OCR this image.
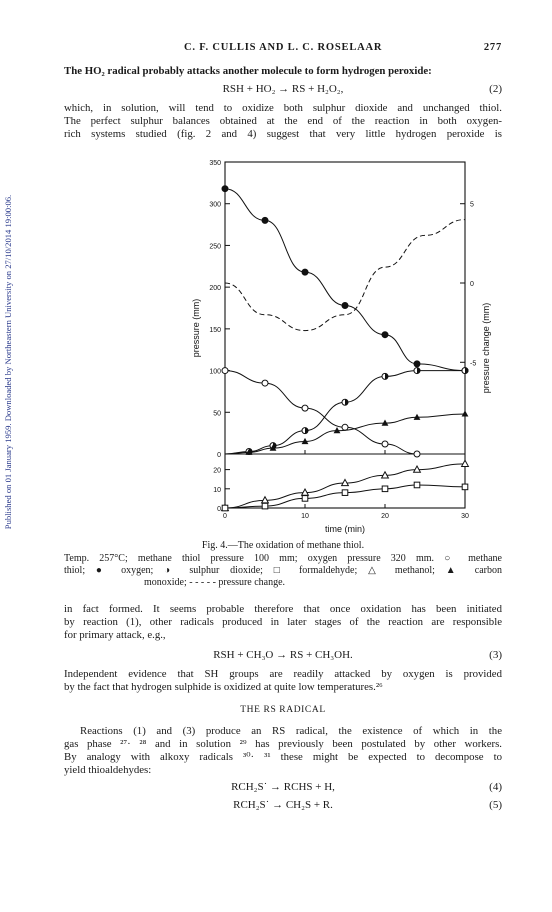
Published on 01 January 1959. Downloaded by Northeastern University on 27/10/2014 19:00:06.
C. F. CULLIS AND L. C. ROSELAAR	277
The HO₂ radical probably attacks another molecule to form hydrogen peroxide:
RSH + HO₂ → RS + H₂O₂,	(2)
which, in solution, will tend to oxidize both sulphur dioxide and unchanged thiol.
The perfect sulphur balances obtained at the end of the reaction in both oxygen-
rich systems studied (fig. 2 and 4) suggest that very little hydrogen peroxide is
0
50
100
150
200
250
300
350
0
10
20
5
0
-5
0	10	20	30
time (min)
pressure (mm)	pressure change (mm)
Fig. 4.—The oxidation of methane thiol.
Temp. 257°C; methane thiol pressure 100 mm; oxygen pressure 320 mm. ○ methane
thiol; ● oxygen; ◑ sulphur dioxide; □ formaldehyde; △ methanol; ▲ carbon
monoxide; - - - - - pressure change.
in fact formed. It seems probable therefore that once oxidation has been initiated
by reaction (1), other radicals produced in later stages of the reaction are responsible
for primary attack, e.g.,
RSH + CH₃O → RS + CH₃OH.	(3)
Independent evidence that SH groups are readily attacked by oxygen is provided
by the fact that hydrogen sulphide is oxidized at quite low temperatures.²⁶
THE RS RADICAL
Reactions (1) and (3) produce an RS radical, the existence of which in the
gas phase ²⁷· ²⁸ and in solution ²⁹ has previously been postulated by other workers.
By analogy with alkoxy radicals ³⁰· ³¹ these might be expected to decompose to
yield thioaldehydes:
RCH₂S˙ → RCHS + H,	(4)
RCH₂S˙ → CH₂S + R.	(5)
